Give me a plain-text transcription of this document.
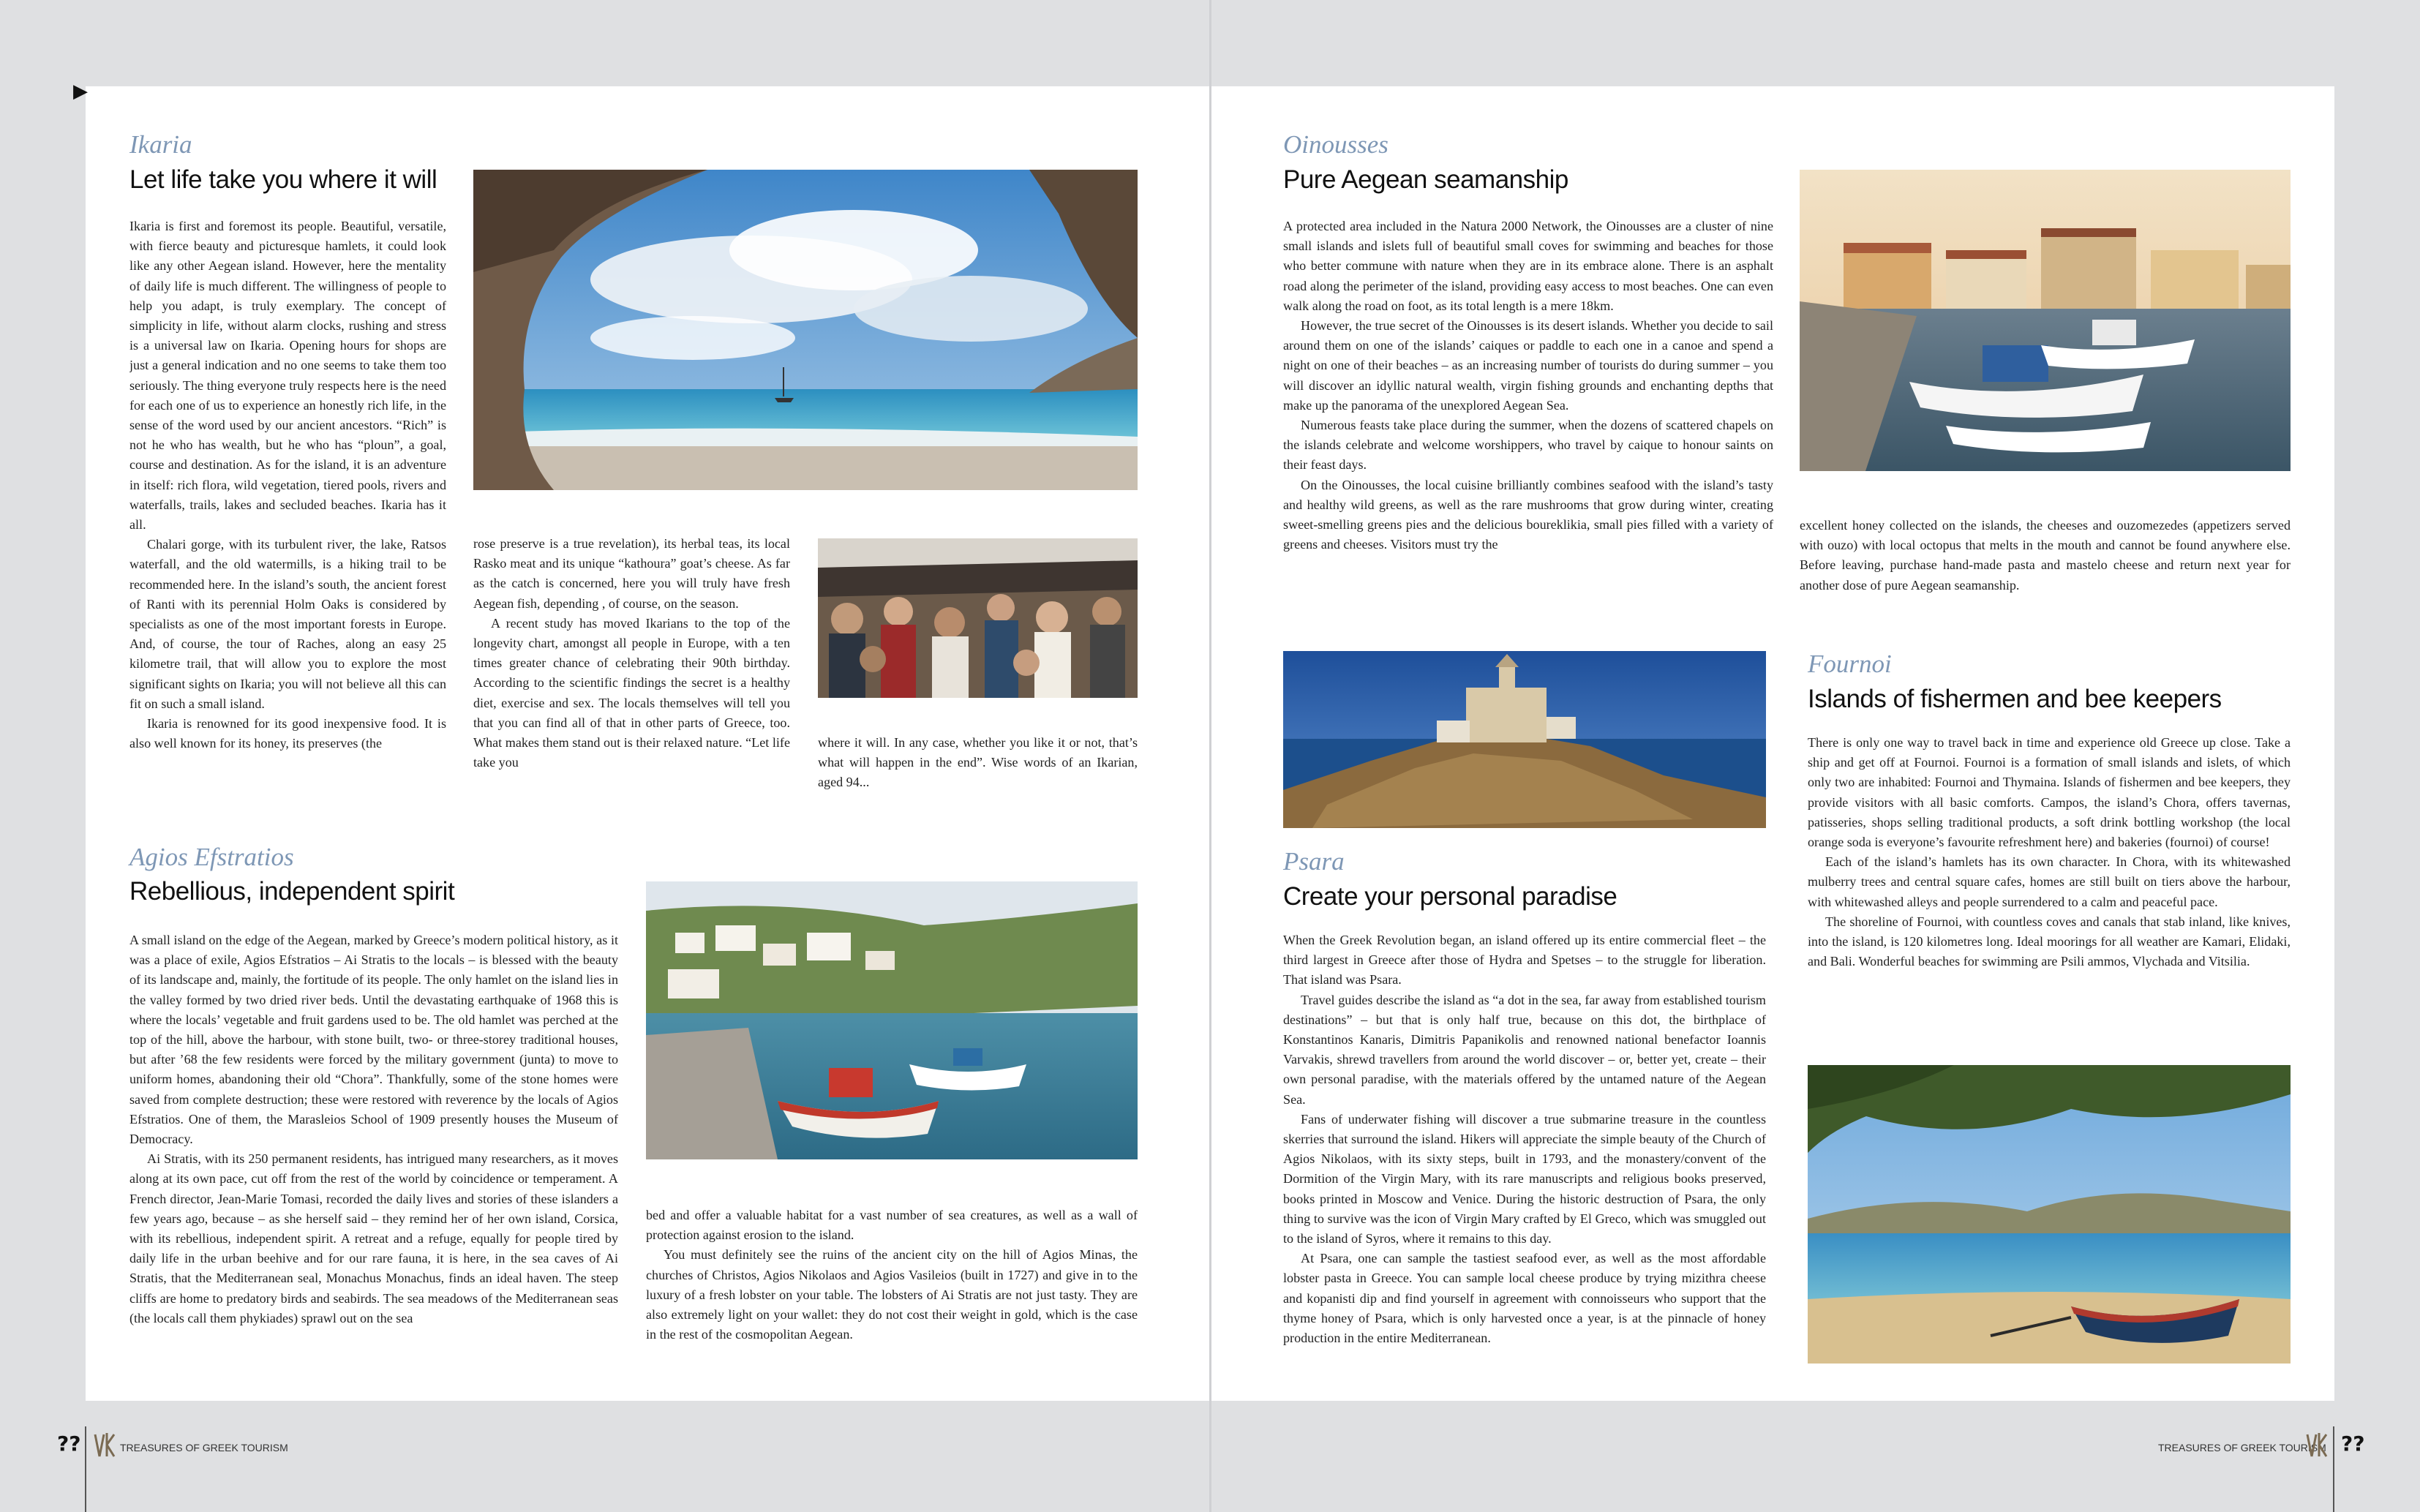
▶
Ikaria
Let life take you where it will

Ikaria is first and foremost its people. Beautiful, versatile, with fierce beauty and picturesque hamlets, it could look like any other Aegean island. However, here the mentality of daily life is much different. The willingness of people to help you adapt, is truly exemplary. The concept of simplicity in life, without alarm clocks, rushing and stress is a universal law on Ikaria. Opening hours for shops are just a general indication and no one seems to take them too seriously. The thing everyone truly respects here is the need for each one of us to experience an honestly rich life, in the sense of the word used by our ancient ancestors. “Rich” is not he who has wealth, but he who has “ploun”, a goal, course and destination. As for the island, it is an adventure in itself: rich flora, wild vegetation, tiered pools, rivers and waterfalls, trails, lakes and secluded beaches. Ikaria has it all.

Chalari gorge, with its turbulent river, the lake, Ratsos waterfall, and the old watermills, is a hiking trail to be recommended here. In the island’s south, the ancient forest of Ranti with its perennial Holm Oaks is considered by specialists as one of the most important forests in Europe. And, of course, the tour of Raches, along an easy 25 kilometre trail, that will allow you to explore the most significant sights on Ikaria; you will not believe all this can fit on such a small island.

Ikaria is renowned for its good inexpensive food. It is also well known for its honey, its preserves (the

rose preserve is a true revelation), its herbal teas, its local Rasko meat and its unique “kathoura” goat’s cheese. As far as the catch is concerned, here you will truly have fresh Aegean fish, depending , of course, on the season.

A recent study has moved Ikarians to the top of the longevity chart, amongst all people in Europe, with a ten times greater chance of celebrating their 90th birthday. According to the scientific findings the secret is a healthy diet, exercise and sex. The locals themselves will tell you that you can find all of that in other parts of Greece, too. What makes them stand out is their relaxed nature. “Let life take you

where it will. In any case, whether you like it or not, that’s what will happen in the end”. Wise words of an Ikarian, aged 94...

Agios Efstratios
Rebellious, independent spirit

A small island on the edge of the Aegean, marked by Greece’s modern political history, as it was a place of exile, Agios Efstratios – Ai Stratis to the locals – is blessed with the beauty of its landscape and, mainly, the fortitude of its people. The only hamlet on the island lies in the valley formed by two dried river beds. Until the devastating earthquake of 1968 this is where the locals’ vegetable and fruit gardens used to be. The old hamlet was perched at the top of the hill, above the harbour, with stone built, two- or three-storey traditional houses, but after ’68 the few residents were forced by the military government (junta) to move to uniform homes, abandoning their old “Chora”. Thankfully, some of the stone homes were saved from complete destruction; these were restored with reverence by the locals of Agios Efstratios. One of them, the Marasleios School of 1909 presently houses the Museum of Democracy.

Ai Stratis, with its 250 permanent residents, has intrigued many researchers, as it moves along at its own pace, cut off from the rest of the world by coincidence or temperament. A French director, Jean-Marie Tomasi, recorded the daily lives and stories of these islanders a few years ago, because – as she herself said – they remind her of her own island, Corsica, with its rebellious, independent spirit. A retreat and a refuge, equally for people tired by daily life in the urban beehive and for our rare fauna, it is here, in the sea caves of Ai Stratis, that the Mediterranean seal, Monachus Monachus, finds an ideal haven. The steep cliffs are home to predatory birds and seabirds. The sea meadows of the Mediterranean seas (the locals call them phykiades) sprawl out on the sea

bed and offer a valuable habitat for a vast number of sea creatures, as well as a wall of protection against erosion to the island.

You must definitely see the ruins of the ancient city on the hill of Agios Minas, the churches of Christos, Agios Nikolaos and Agios Vasileios (built in 1727) and give in to the luxury of a fresh lobster on your table. The lobsters of Ai Stratis are not just tasty. They are also extremely light on your wallet: they do not cost their weight in gold, which is the case in the rest of the cosmopolitan Aegean.

Oinousses
Pure Aegean seamanship

A protected area included in the Natura 2000 Network, the Oinousses are a cluster of nine small islands and islets full of beautiful small coves for swimming and beaches for those who better commune with nature when they are in its embrace alone. There is an asphalt road along the perimeter of the island, providing easy access to most beaches. One can even walk along the road on foot, as its total length is a mere 18km.

However, the true secret of the Oinousses is its desert islands. Whether you decide to sail around them on one of the islands’ caiques or paddle to each one in a canoe and spend a night on one of their beaches – as an increasing number of tourists do during summer – you will discover an idyllic natural wealth, virgin fishing grounds and enchanting depths that make up the panorama of the unexplored Aegean Sea.

Numerous feasts take place during the summer, when the dozens of scattered chapels on the islands celebrate and welcome worshippers, who travel by caique to honour saints on their feast days.

On the Oinousses, the local cuisine brilliantly combines seafood with the island’s tasty and healthy wild greens, as well as the rare mushrooms that grow during winter, creating sweet-smelling greens pies and the delicious boureklikia, small pies filled with a variety of greens and cheeses. Visitors must try the

excellent honey collected on the islands, the cheeses and ouzomezedes (appetizers served with ouzo) with local octopus that melts in the mouth and cannot be found anywhere else. Before leaving, purchase hand-made pasta and mastelo cheese and return next year for another dose of pure Aegean seamanship.

Psara
Create your personal paradise

When the Greek Revolution began, an island offered up its entire commercial fleet – the third largest in Greece after those of Hydra and Spetses – to the struggle for liberation. That island was Psara.

Travel guides describe the island as “a dot in the sea, far away from established tourism destinations” – but that is only half true, because on this dot, the birthplace of Konstantinos Kanaris, Dimitris Papanikolis and renowned national benefactor Ioannis Varvakis, shrewd travellers from around the world discover – or, better yet, create – their own personal paradise, with the materials offered by the untamed nature of the Aegean Sea.

Fans of underwater fishing will discover a true submarine treasure in the countless skerries that surround the island. Hikers will appreciate the simple beauty of the Church of Agios Nikolaos, with its sixty steps, built in 1793, and the monastery/convent of the Dormition of the Virgin Mary, with its rare manuscripts and religious books preserved, books printed in Moscow and Venice. During the historic destruction of Psara, the only thing to survive was the icon of Virgin Mary crafted by El Greco, which was smuggled out to the island of Syros, where it remains to this day.

At Psara, one can sample the tastiest seafood ever, as well as the most affordable lobster pasta in Greece. You can sample local cheese produce by trying mizithra cheese and kopanisti dip and find yourself in agreement with connoisseurs who support that the thyme honey of Psara, which is only harvested once a year, is at the pinnacle of honey production in the entire Mediterranean.

Fournoi
Islands of fishermen and bee keepers

There is only one way to travel back in time and experience old Greece up close. Take a ship and get off at Fournoi. Fournoi is a formation of small islands and islets, of which only two are inhabited: Fournoi and Thymaina. Islands of fishermen and bee keepers, they provide visitors with all basic comforts. Campos, the island’s Chora, offers tavernas, patisseries, shops selling traditional products, a soft drink bottling workshop (the local orange soda is everyone’s favourite refreshment here) and bakeries (fournoi) of course!

Each of the island’s hamlets has its own character. In Chora, with its whitewashed mulberry trees and central square cafes, homes are still built on tiers above the harbour, with whitewashed alleys and people surrendered to a calm and peaceful pace.

The shoreline of Fournoi, with countless coves and canals that stab inland, like knives, into the island, is 120 kilometres long. Ideal moorings for all weather are Kamari, Elidaki, and Bali. Wonderful beaches for swimming are Psili ammos, Vlychada and Vitsilia.

??	TREASURES OF GREEK TOURISM	TREASURES OF GREEK TOURISM ??
